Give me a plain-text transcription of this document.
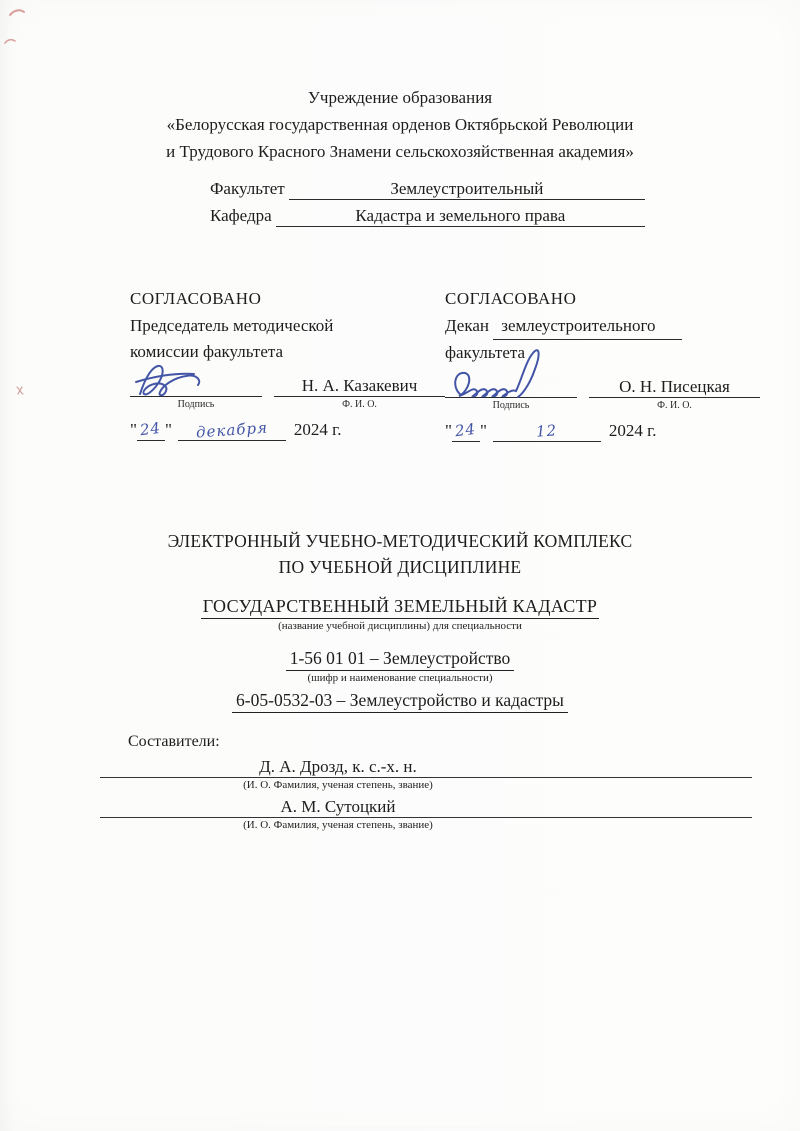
Учреждение образования
«Белорусская государственная орденов Октябрьской Революции
и Трудового Красного Знамени сельскохозяйственная академия»
Факультет	Землеустроительный
Кафедра	Кадастра и земельного права
СОГЛАСОВАНО
Председатель методической
комиссии факультета
Н. А. Казакевич
Подпись	Ф. И. О.
" 24 "	декабря	2024 г.
СОГЛАСОВАНО
Декан землеустроительного
факультета
О. Н. Писецкая
Подпись	Ф. И. О.
" 24 "	12	2024 г.
ЭЛЕКТРОННЫЙ УЧЕБНО-МЕТОДИЧЕСКИЙ КОМПЛЕКС
ПО УЧЕБНОЙ ДИСЦИПЛИНЕ
ГОСУДАРСТВЕННЫЙ ЗЕМЕЛЬНЫЙ КАДАСТР
(название учебной дисциплины) для специальности
1-56 01 01 – Землеустройство
(шифр и наименование специальности)
6-05-0532-03 – Землеустройство и кадастры
Составители:
Д. А. Дрозд, к. с.-х. н.
(И. О. Фамилия, ученая степень, звание)
А. М. Сутоцкий
(И. О. Фамилия, ученая степень, звание)
